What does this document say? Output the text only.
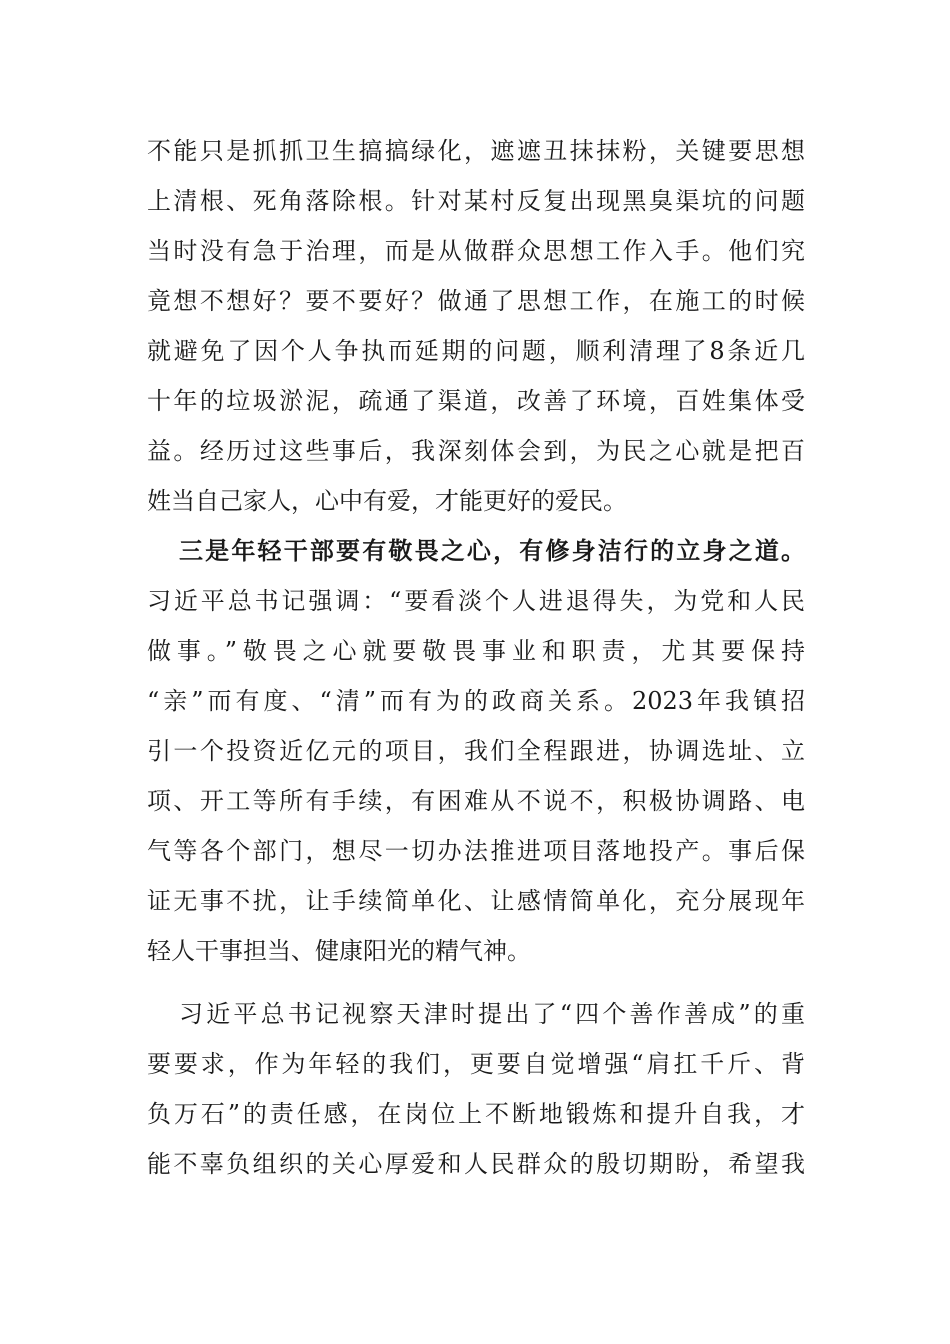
不能只是抓抓卫生搞搞绿化，遮遮丑抹抹粉，关键要思想
上清根、死角落除根。针对某村反复出现黑臭渠坑的问题
当时没有急于治理，而是从做群众思想工作入手。他们究
竟想不想好？要不要好？做通了思想工作，在施工的时候
就避免了因个人争执而延期的问题，顺利清理了8条近几
十年的垃圾淤泥，疏通了渠道，改善了环境，百姓集体受
益。经历过这些事后，我深刻体会到，为民之心就是把百
姓当自己家人，心中有爱，才能更好的爱民。
三是年轻干部要有敬畏之心，有修身洁行的立身之道。
习近平总书记强调：“要看淡个人进退得失，为党和人民
做事。”敬畏之心就要敬畏事业和职责，尤其要保持
“亲”而有度、“清”而有为的政商关系。2023年我镇招
引一个投资近亿元的项目，我们全程跟进，协调选址、立
项、开工等所有手续，有困难从不说不，积极协调路、电
气等各个部门，想尽一切办法推进项目落地投产。事后保
证无事不扰，让手续简单化、让感情简单化，充分展现年
轻人干事担当、健康阳光的精气神。
习近平总书记视察天津时提出了“四个善作善成”的重
要要求，作为年轻的我们，更要自觉增强“肩扛千斤、背
负万石”的责任感，在岗位上不断地锻炼和提升自我，才
能不辜负组织的关心厚爱和人民群众的殷切期盼，希望我
